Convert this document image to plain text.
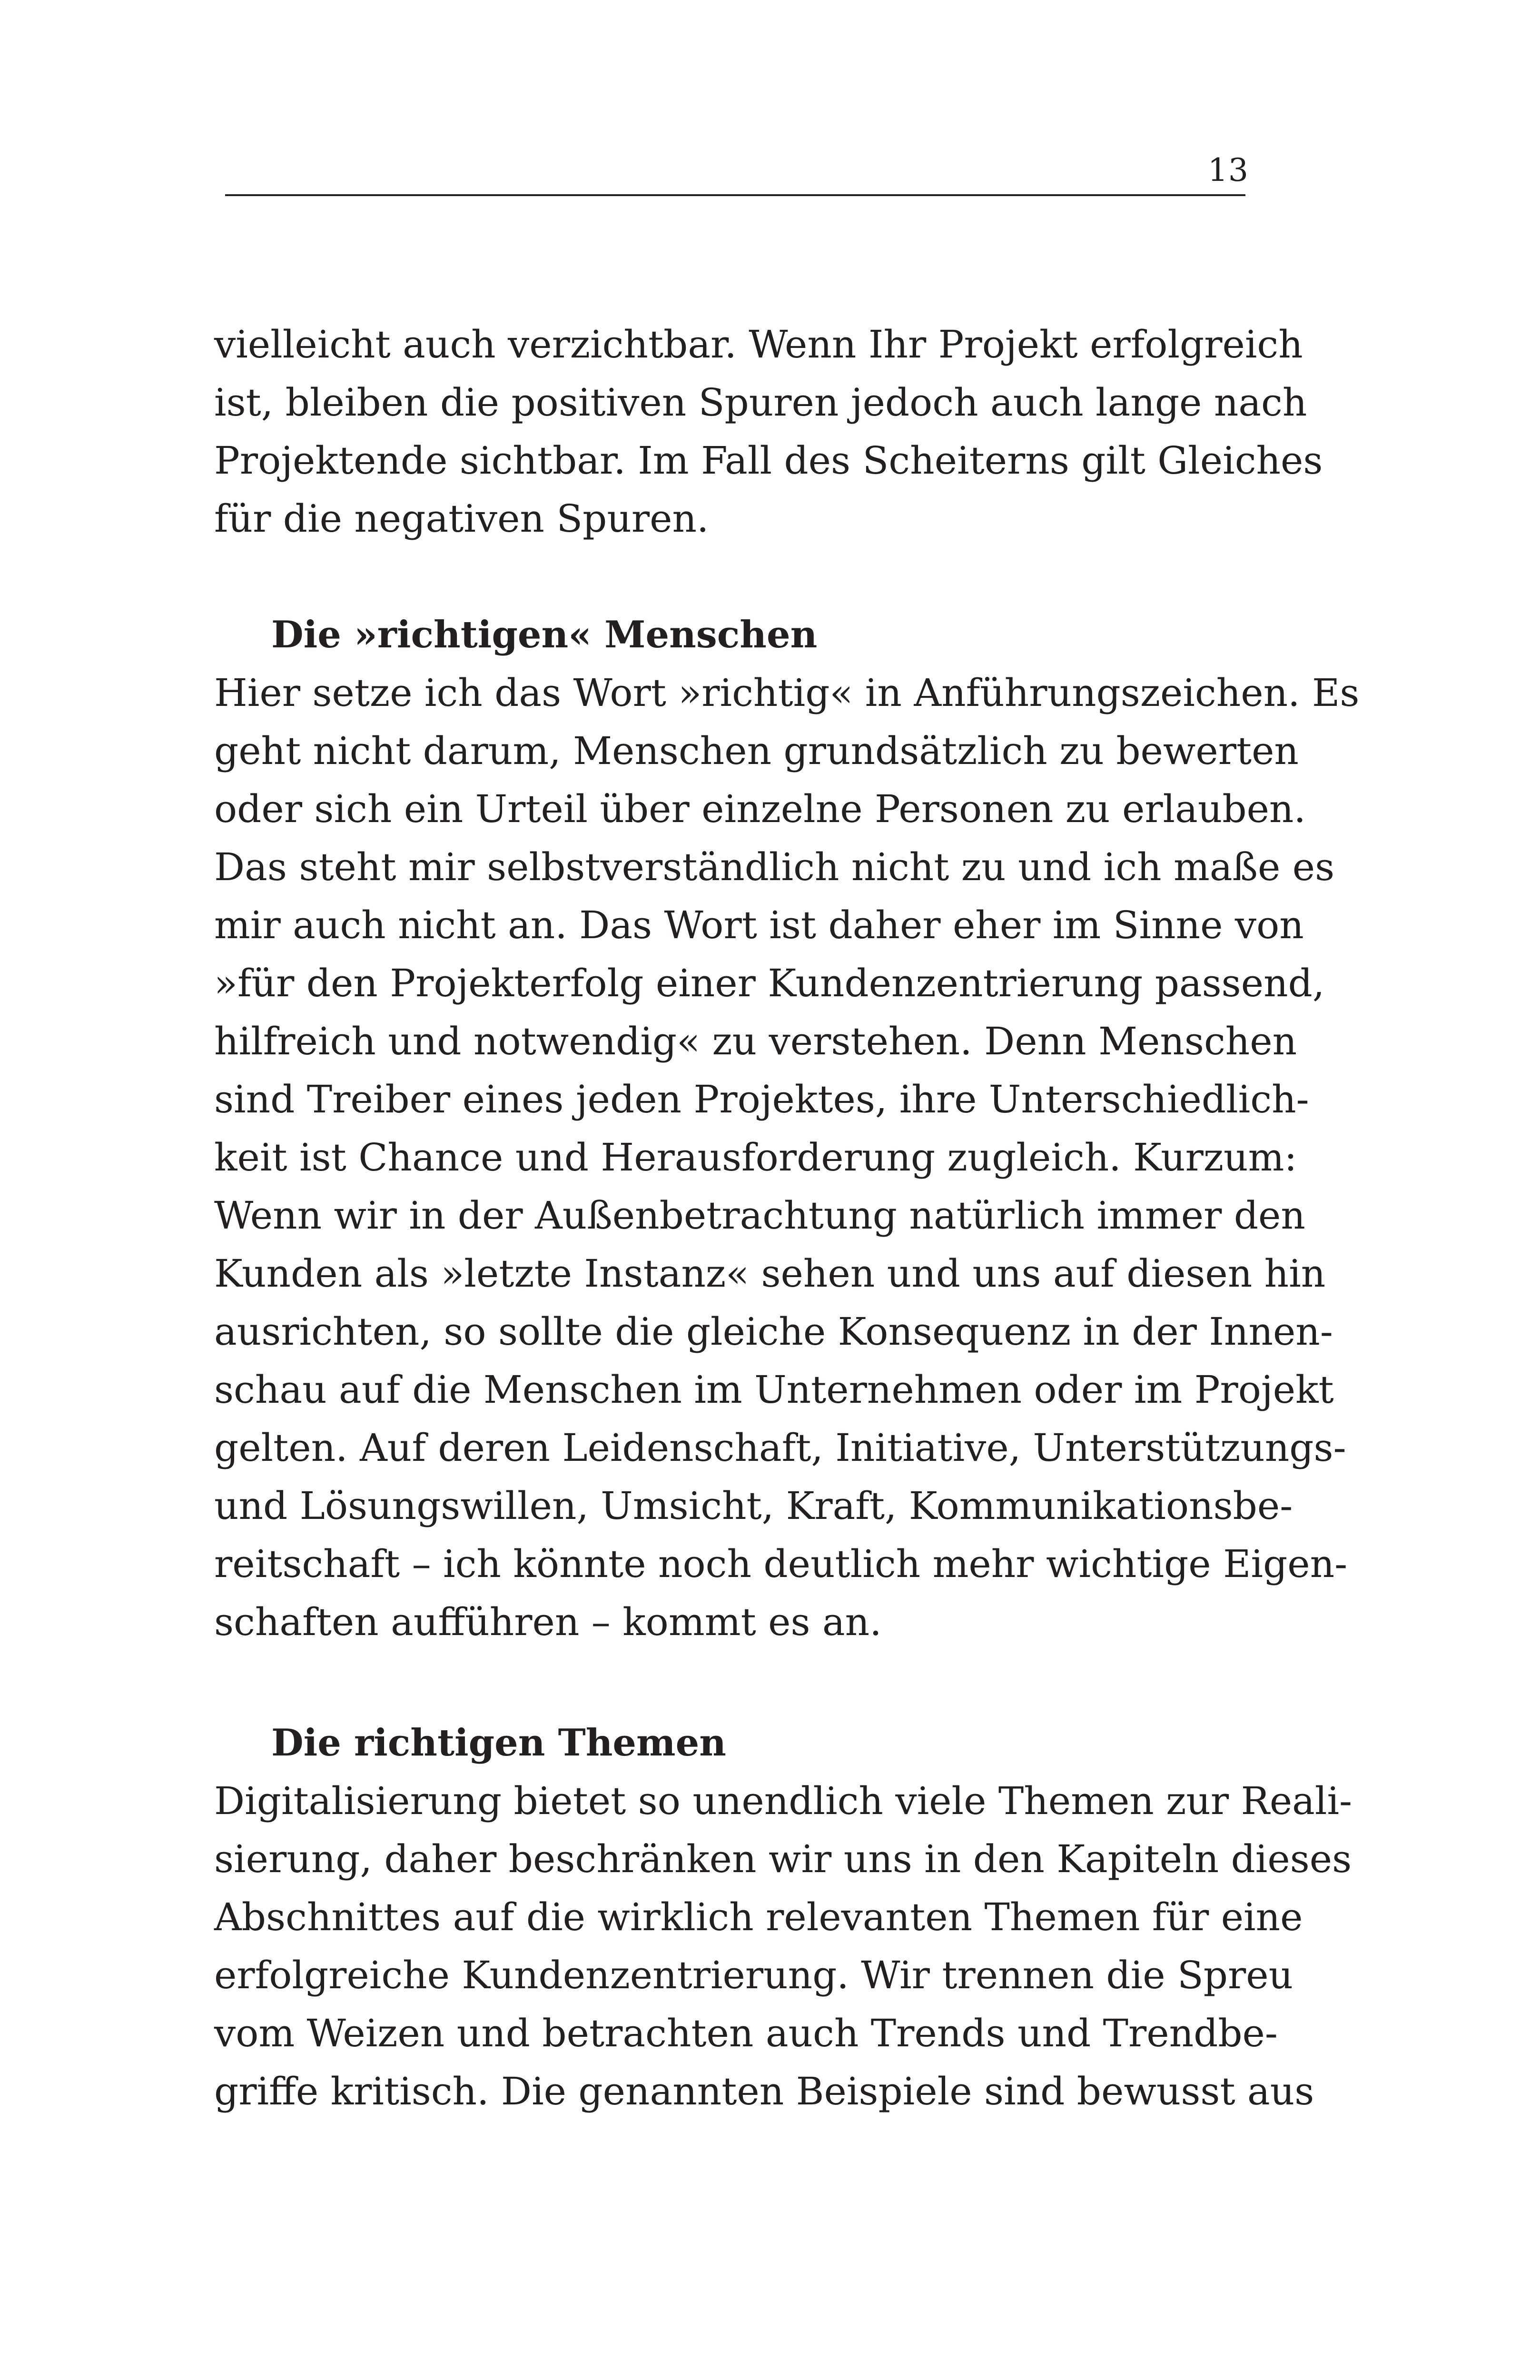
13
vielleicht auch verzichtbar. Wenn Ihr Projekt erfolgreich
ist, bleiben die positiven Spuren jedoch auch lange nach
Projektende sichtbar. Im Fall des Scheiterns gilt Gleiches
für die negativen Spuren.
Die »richtigen« Menschen
Hier setze ich das Wort »richtig« in Anführungszeichen. Es
geht nicht darum, Menschen grundsätzlich zu bewerten
oder sich ein Urteil über einzelne Personen zu erlauben.
Das steht mir selbstverständlich nicht zu und ich maße es
mir auch nicht an. Das Wort ist daher eher im Sinne von
»für den Projekterfolg einer Kundenzentrierung passend,
hilfreich und notwendig« zu verstehen. Denn Menschen
sind Treiber eines jeden Projektes, ihre Unterschiedlich-
keit ist Chance und Herausforderung zugleich. Kurzum:
Wenn wir in der Außenbetrachtung natürlich immer den
Kunden als »letzte Instanz« sehen und uns auf diesen hin
ausrichten, so sollte die gleiche Konsequenz in der Innen-
schau auf die Menschen im Unternehmen oder im Projekt
gelten. Auf deren Leidenschaft, Initiative, Unterstützungs-
und Lösungswillen, Umsicht, Kraft, Kommunikationsbe-
reitschaft – ich könnte noch deutlich mehr wichtige Eigen-
schaften aufführen – kommt es an.
Die richtigen Themen
Digitalisierung bietet so unendlich viele Themen zur Reali-
sierung, daher beschränken wir uns in den Kapiteln dieses
Abschnittes auf die wirklich relevanten Themen für eine
erfolgreiche Kundenzentrierung. Wir trennen die Spreu
vom Weizen und betrachten auch Trends und Trendbe-
griffe kritisch. Die genannten Beispiele sind bewusst aus
